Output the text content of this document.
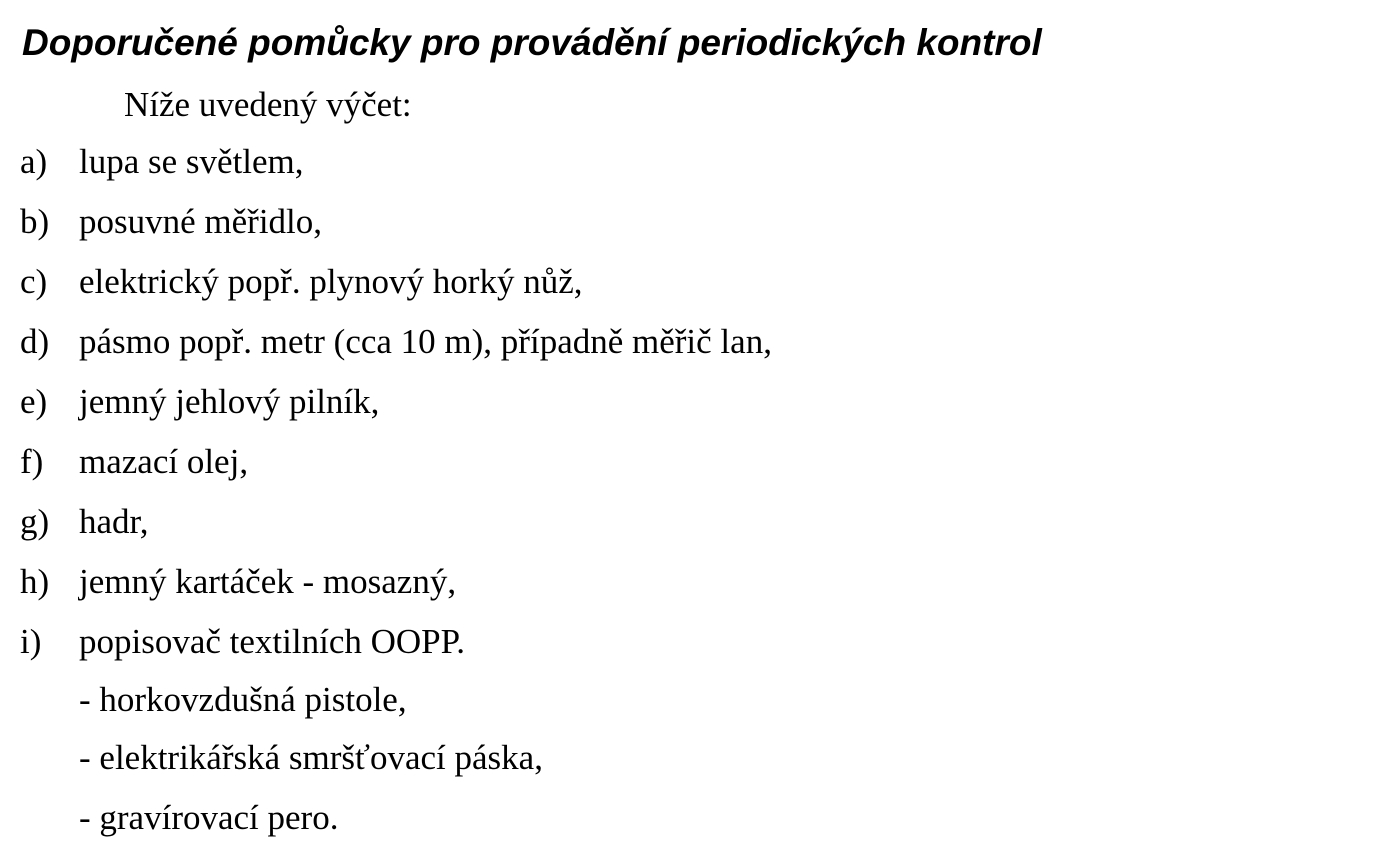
Doporučené pomůcky pro provádění periodických kontrol

Níže uvedený výčet:

a) lupa se světlem,
b) posuvné měřidlo,
c) elektrický popř. plynový horký nůž,
d) pásmo popř. metr (cca 10 m), případně měřič lan,
e) jemný jehlový pilník,
f) mazací olej,
g) hadr,
h) jemný kartáček - mosazný,
i) popisovač textilních OOPP.
- horkovzdušná pistole,
- elektrikářská smršťovací páska,
- gravírovací pero.
